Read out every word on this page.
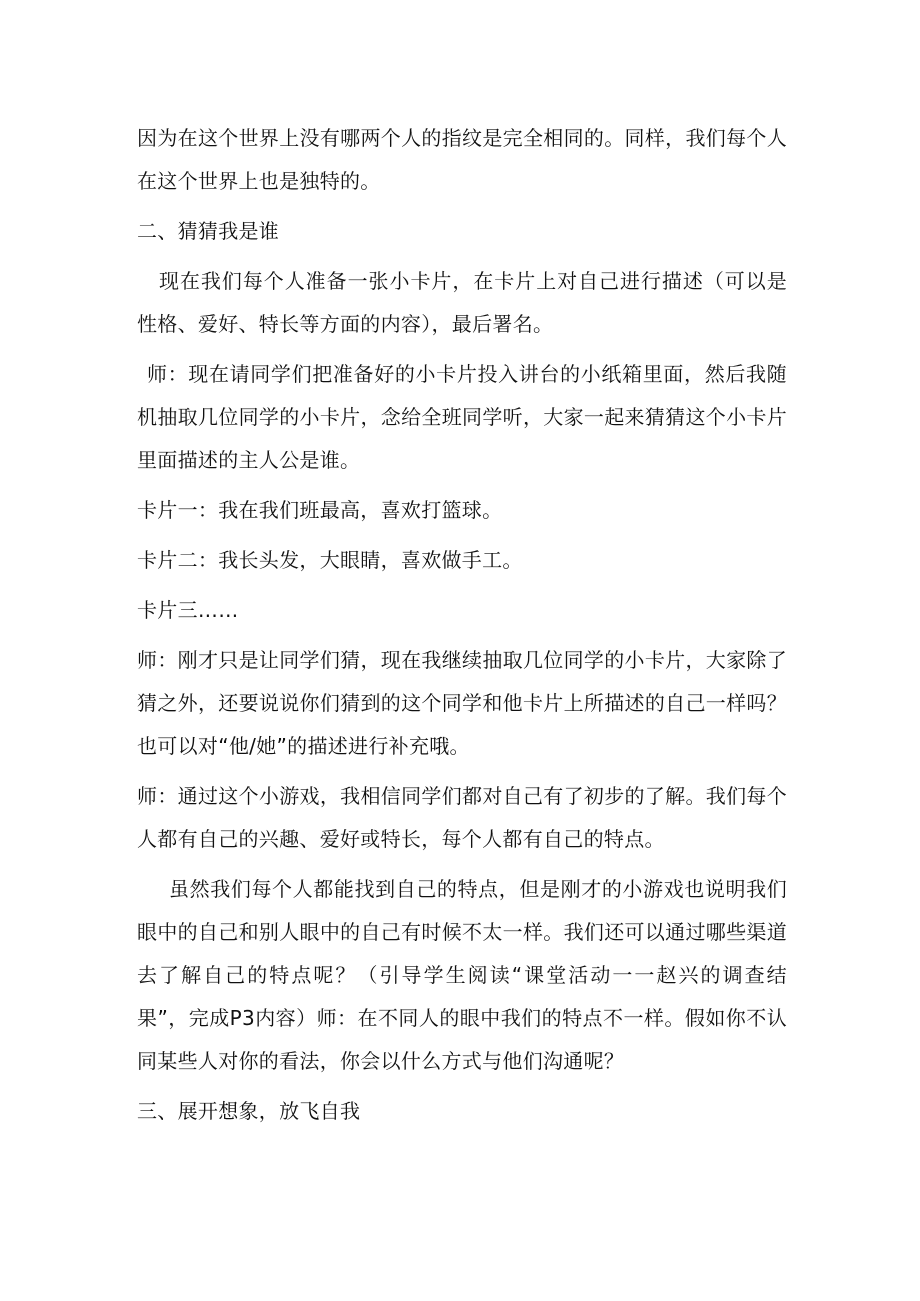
因为在这个世界上没有哪两个人的指纹是完全相同的。同样，我们每个人在这个世界上也是独特的。

二、猜猜我是谁

现在我们每个人准备一张小卡片，在卡片上对自己进行描述（可以是性格、爱好、特长等方面的内容），最后署名。

师：现在请同学们把准备好的小卡片投入讲台的小纸箱里面，然后我随机抽取几位同学的小卡片，念给全班同学听，大家一起来猜猜这个小卡片里面描述的主人公是谁。

卡片一：我在我们班最高，喜欢打篮球。

卡片二：我长头发，大眼睛，喜欢做手工。

卡片三……

师：刚才只是让同学们猜，现在我继续抽取几位同学的小卡片，大家除了猜之外，还要说说你们猜到的这个同学和他卡片上所描述的自己一样吗？也可以对“他/她”的描述进行补充哦。

师：通过这个小游戏，我相信同学们都对自己有了初步的了解。我们每个人都有自己的兴趣、爱好或特长，每个人都有自己的特点。

虽然我们每个人都能找到自己的特点，但是刚才的小游戏也说明我们眼中的自己和别人眼中的自己有时候不太一样。我们还可以通过哪些渠道去了解自己的特点呢？（引导学生阅读“课堂活动一一赵兴的调查结果”，完成P3内容）师：在不同人的眼中我们的特点不一样。假如你不认同某些人对你的看法，你会以什么方式与他们沟通呢？

三、展开想象，放飞自我
